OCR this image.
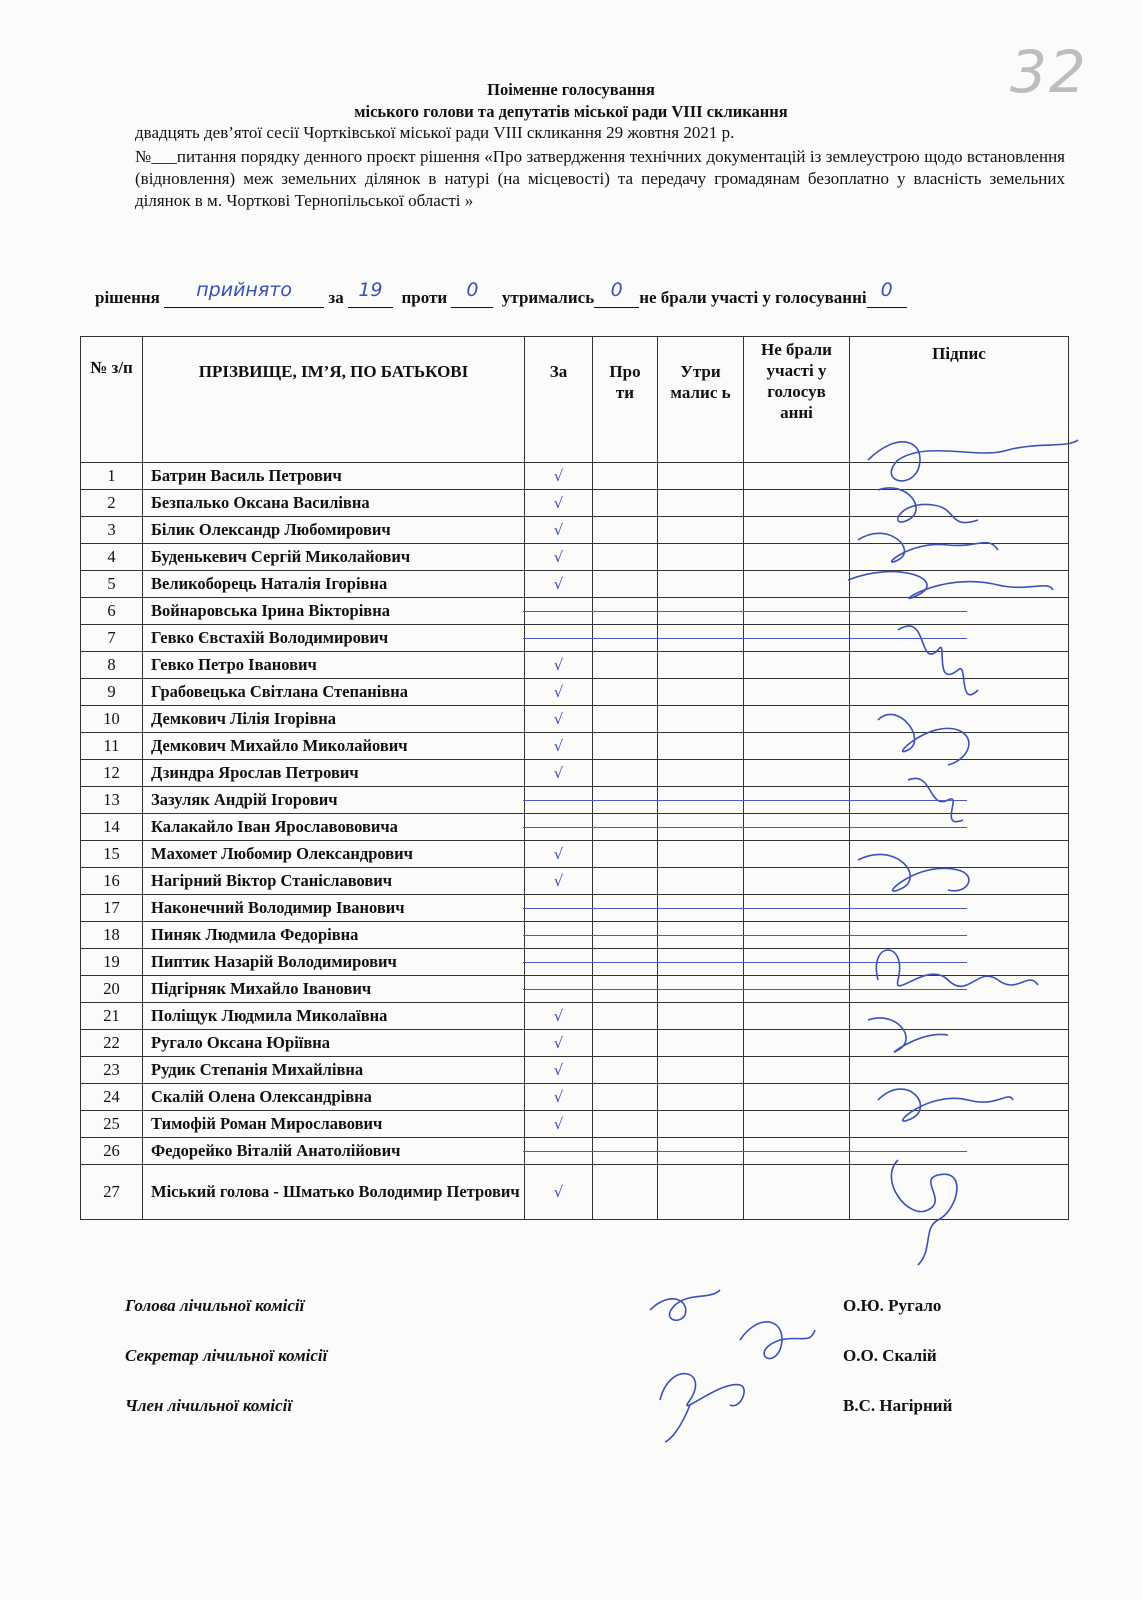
32
Поіменне голосування
міського голови та депутатів міської ради VIII скликання
двадцять дев’ятої сесії Чортківської міської ради VIII скликання 29 жовтня 2021 р.
№___питання порядку денного проєкт рішення «Про затвердження технічних документацій із землеустрою щодо встановлення (відновлення) меж земельних ділянок в натурі (на місцевості) та передачу громадянам безоплатно у власність земельних ділянок в м. Чорткові Тернопільської області »
рішення прийнято за 19 проти 0 утримались 0 не брали участі у голосуванні 0
№ з/п	ПРІЗВИЩЕ, ІМ’Я, ПО БАТЬКОВІ	За	Про ти	Утри малис ь	Не брали участі у голосув анні	Підпис
1	Батрин Василь Петрович	√				
2	Безпалько Оксана Василівна	√				
3	Білик Олександр Любомирович	√				
4	Буденькевич Сергій Миколайович	√				
5	Великоборець Наталія Ігорівна	√				
6	Войнаровська Ірина Вікторівна					
7	Гевко Євстахій Володимирович					
8	Гевко Петро Іванович	√				
9	Грабовецька Світлана Степанівна	√				
10	Демкович Лілія Ігорівна	√				
11	Демкович Михайло Миколайович	√				
12	Дзиндра Ярослав Петрович	√				
13	Зазуляк Андрій Ігорович					
14	Калакайло Іван Ярославововича					
15	Махомет Любомир Олександрович	√				
16	Нагірний Віктор Станіславович	√				
17	Наконечний Володимир Іванович					
18	Пиняк Людмила Федорівна					
19	Пиптик Назарій Володимирович					
20	Підгірняк Михайло Іванович					
21	Поліщук Людмила Миколаївна	√				
22	Ругало Оксана Юріївна	√				
23	Рудик Степанія Михайлівна	√				
24	Скалій Олена Олександрівна	√				
25	Тимофій Роман Мирославович	√				
26	Федорейко Віталій Анатолійович					
27	Міський голова - Шматько Володимир Петрович	√				
Голова лічильної комісії	О.Ю. Ругало
Секретар лічильної комісії	О.О. Скалій
Член лічильної комісії	В.С. Нагірний
